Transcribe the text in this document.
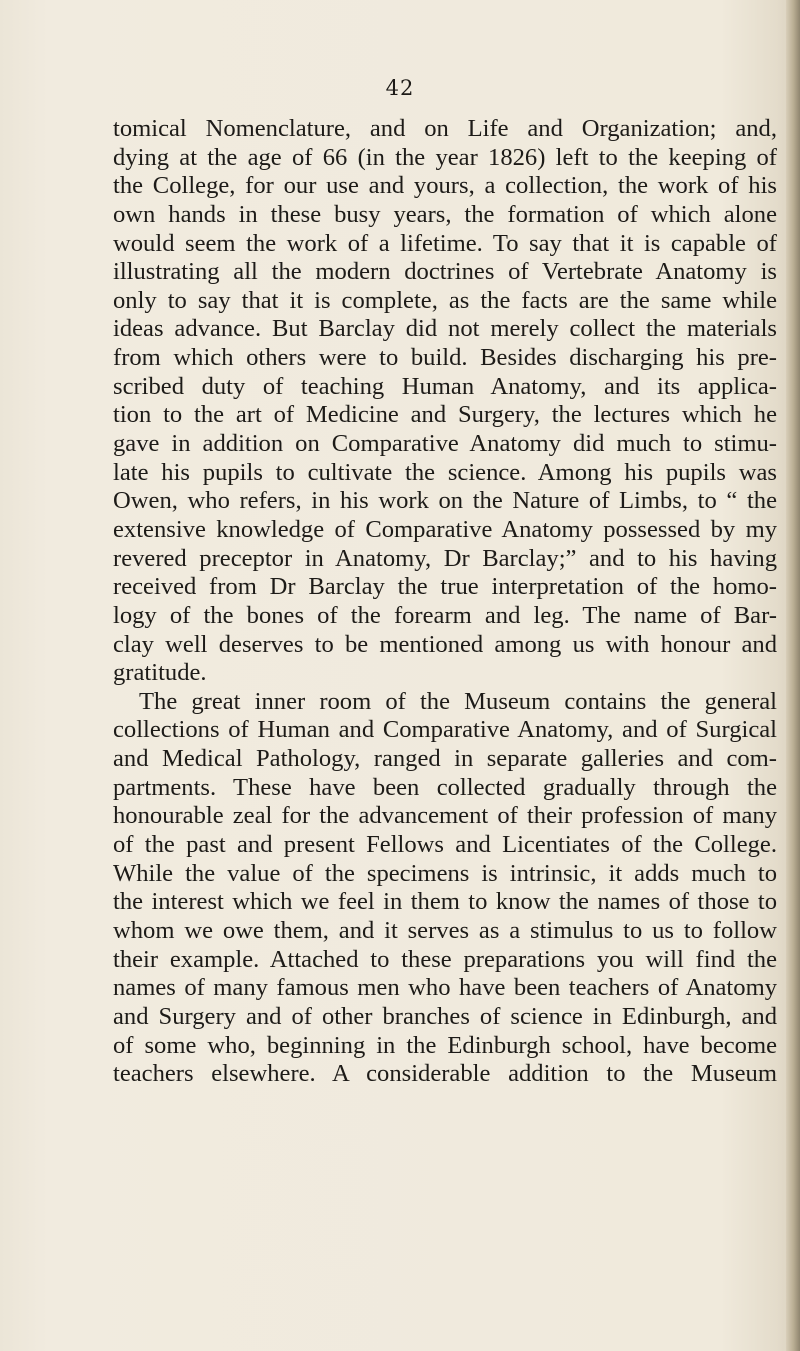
42
tomical Nomenclature, and on Life and Organization; and,
dying at the age of 66 (in the year 1826) left to the keeping of
the College, for our use and yours, a collection, the work of his
own hands in these busy years, the formation of which alone
would seem the work of a lifetime. To say that it is capable of
illustrating all the modern doctrines of Vertebrate Anatomy is
only to say that it is complete, as the facts are the same while
ideas advance. But Barclay did not merely collect the materials
from which others were to build. Besides discharging his pre-
scribed duty of teaching Human Anatomy, and its applica-
tion to the art of Medicine and Surgery, the lectures which he
gave in addition on Comparative Anatomy did much to stimu-
late his pupils to cultivate the science. Among his pupils was
Owen, who refers, in his work on the Nature of Limbs, to “ the
extensive knowledge of Comparative Anatomy possessed by my
revered preceptor in Anatomy, Dr Barclay;” and to his having
received from Dr Barclay the true interpretation of the homo-
logy of the bones of the forearm and leg. The name of Bar-
clay well deserves to be mentioned among us with honour and
gratitude.
The great inner room of the Museum contains the general
collections of Human and Comparative Anatomy, and of Surgical
and Medical Pathology, ranged in separate galleries and com-
partments. These have been collected gradually through the
honourable zeal for the advancement of their profession of many
of the past and present Fellows and Licentiates of the College.
While the value of the specimens is intrinsic, it adds much to
the interest which we feel in them to know the names of those to
whom we owe them, and it serves as a stimulus to us to follow
their example. Attached to these preparations you will find the
names of many famous men who have been teachers of Anatomy
and Surgery and of other branches of science in Edinburgh, and
of some who, beginning in the Edinburgh school, have become
teachers elsewhere. A considerable addition to the Museum
